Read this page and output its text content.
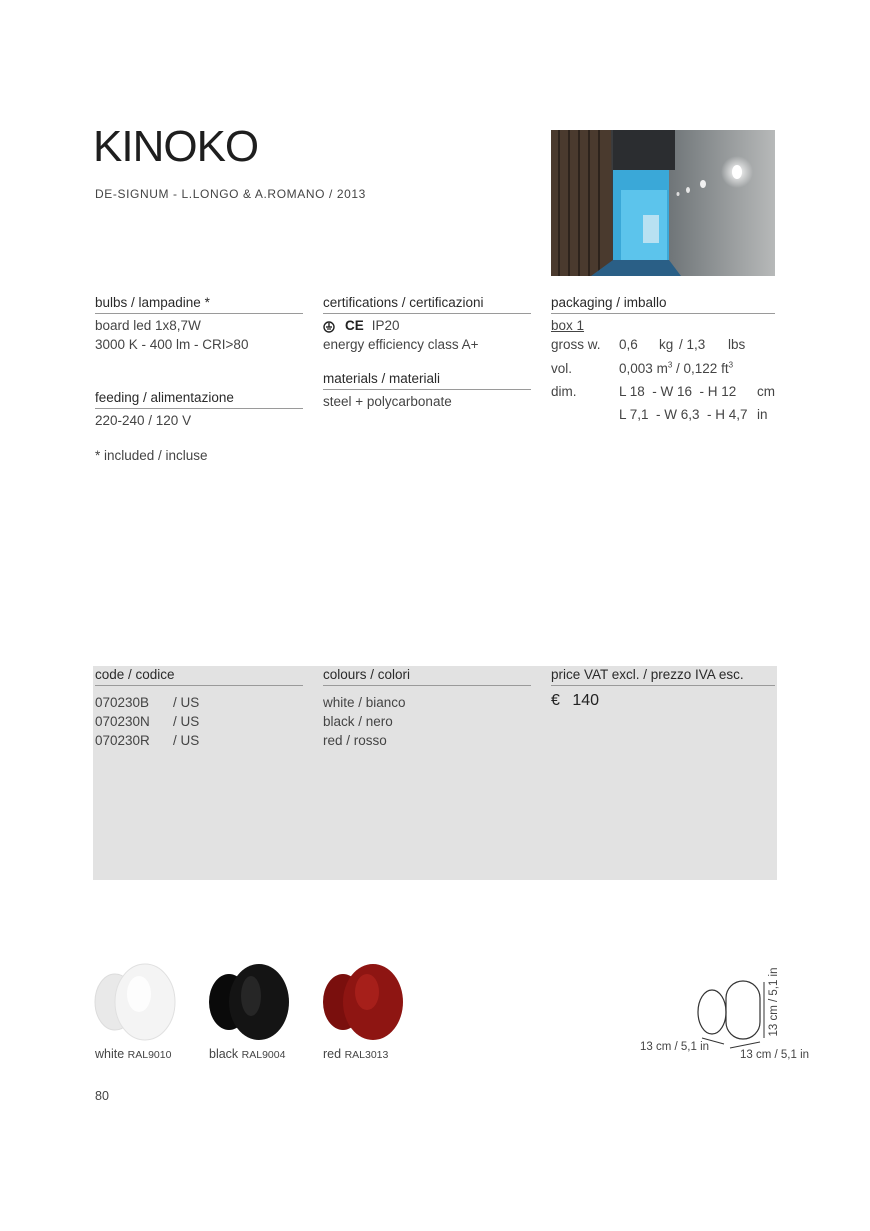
KINOKO
DE-SIGNUM - L.LONGO & A.ROMANO / 2013
bulbs / lampadine *
board led 1x8,7W
3000 K - 400 lm - CRI>80
feeding / alimentazione
220-240 / 120 V
* included / incluse
certifications / certificazioni
CE IP20
energy efficiency class A+
materials / materiali
steel + polycarbonate
packaging / imballo
box 1
gross w. 0,6 kg / 1,3 lbs
vol.	0,003 $m^3 / 0,122$ $ft^3$
dim.	L 18  - W 16  - H 12 cm
L 7,1  - W 6,3  - H 4,7 in
code / codice
070230B / US
070230N / US
070230R / US
colours / colori
white / bianco
black / nero
red / rosso
price VAT excl. / prezzo IVA esc.
€ 140
white RAL9010	black RAL9004	red RAL3013
13 cm / 5,1 in
13 cm / 5,1 in
13 cm / 5,1 in
80
